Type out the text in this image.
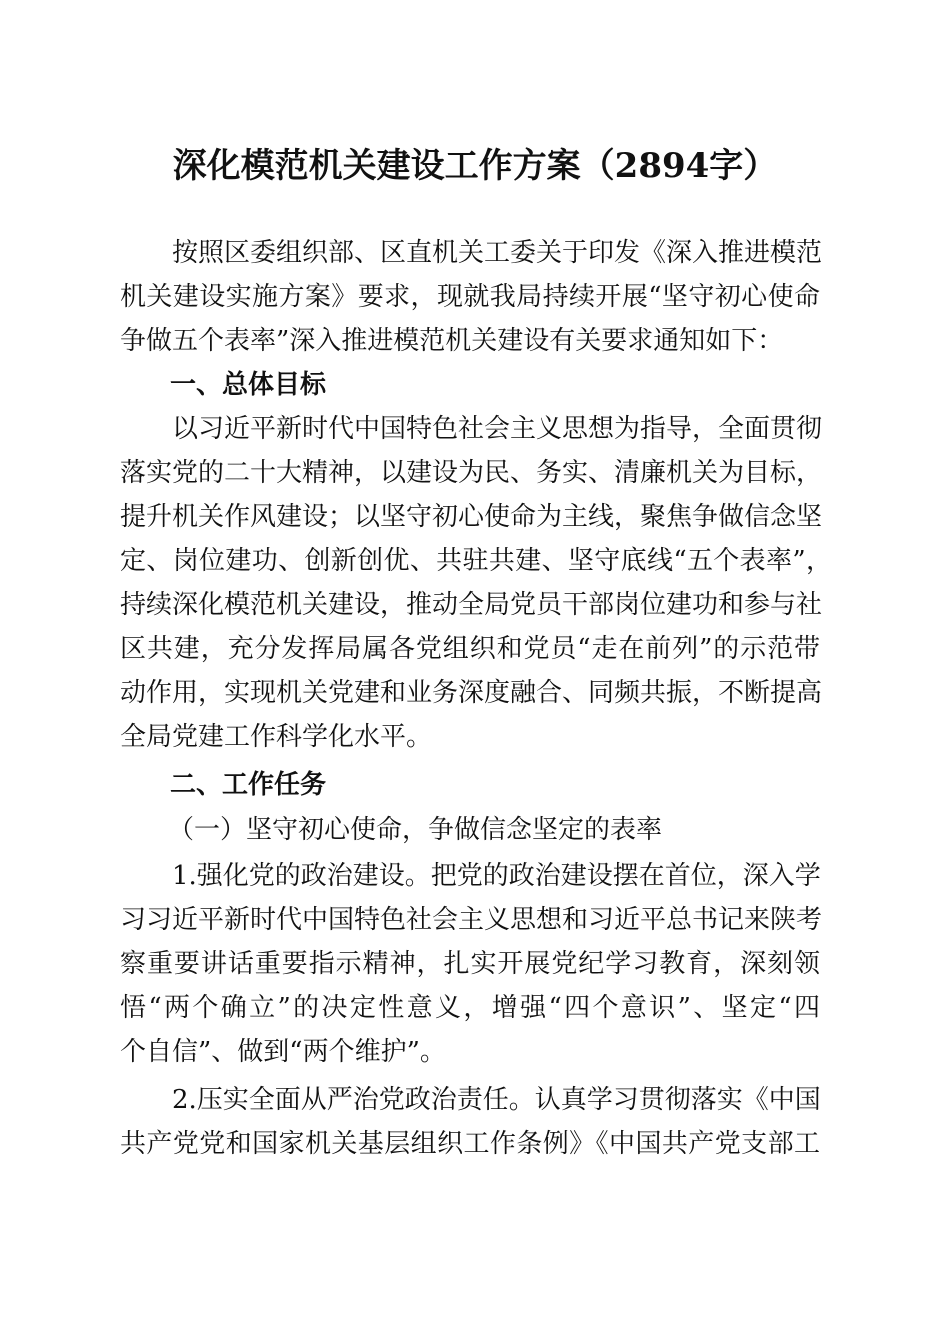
深化模范机关建设工作方案（2894字）
按照区委组织部、区直机关工委关于印发《深入推进模范
机关建设实施方案》要求，现就我局持续开展“坚守初心使命
争做五个表率”深入推进模范机关建设有关要求通知如下：
一、总体目标
以习近平新时代中国特色社会主义思想为指导，全面贯彻
落实党的二十大精神，以建设为民、务实、清廉机关为目标，
提升机关作风建设；以坚守初心使命为主线，聚焦争做信念坚
定、岗位建功、创新创优、共驻共建、坚守底线“五个表率”，
持续深化模范机关建设，推动全局党员干部岗位建功和参与社
区共建，充分发挥局属各党组织和党员“走在前列”的示范带
动作用，实现机关党建和业务深度融合、同频共振，不断提高
全局党建工作科学化水平。
二、工作任务
（一）坚守初心使命，争做信念坚定的表率
1.强化党的政治建设。把党的政治建设摆在首位，深入学
习习近平新时代中国特色社会主义思想和习近平总书记来陕考
察重要讲话重要指示精神，扎实开展党纪学习教育，深刻领
悟“两个确立”的决定性意义，增强“四个意识”、坚定“四
个自信”、做到“两个维护”。
2.压实全面从严治党政治责任。认真学习贯彻落实《中国
共产党党和国家机关基层组织工作条例》《中国共产党支部工
